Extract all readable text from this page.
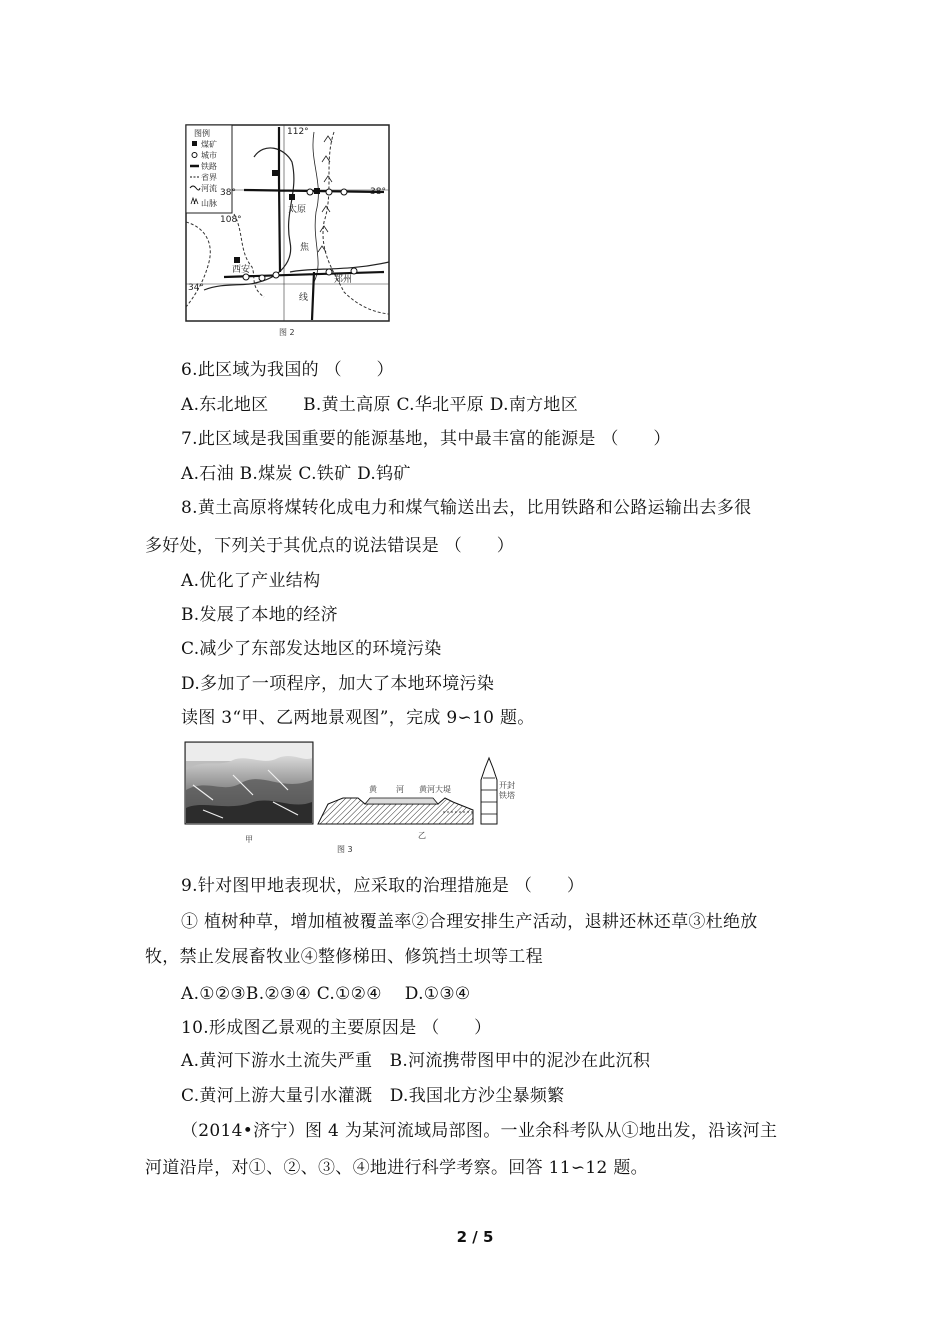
图例
煤矿
城市
铁路
省界
河流
山脉
112°
38°	38°
34°
108°
太原
西安
郑州
焦
线
图 2
6.此区域为我国的 （　　）
A.东北地区　　B.黄土高原 C.华北平原 D.南方地区
7.此区域是我国重要的能源基地，其中最丰富的能源是 （　　）
A.石油 B.煤炭 C.铁矿 D.钨矿
8.黄土高原将煤转化成电力和煤气输送出去，比用铁路和公路运输出去多很
多好处，下列关于其优点的说法错误是 （　　）
A.优化了产业结构
B.发展了本地的经济
C.减少了东部发达地区的环境污染
D.多加了一项程序，加大了本地环境污染
读图 3“甲、乙两地景观图”，完成 9∽10 题。
甲
黄 河 黄河大堤	开封
铁塔
乙
图 3
9.针对图甲地表现状，应采取的治理措施是 （　　）
① 植树种草，增加植被覆盖率②合理安排生产活动，退耕还林还草③杜绝放
牧，禁止发展畜牧业④整修梯田、修筑挡土坝等工程
A.①②③B.②③④ C.①②④　 D.①③④
10.形成图乙景观的主要原因是 （　　）
A.黄河下游水土流失严重　B.河流携带图甲中的泥沙在此沉积
C.黄河上游大量引水灌溉　D.我国北方沙尘暴频繁
（2014•济宁）图 4 为某河流域局部图。一业余科考队从①地出发，沿该河主
河道沿岸，对①、②、③、④地进行科学考察。回答 11∽12 题。
2 / 5
